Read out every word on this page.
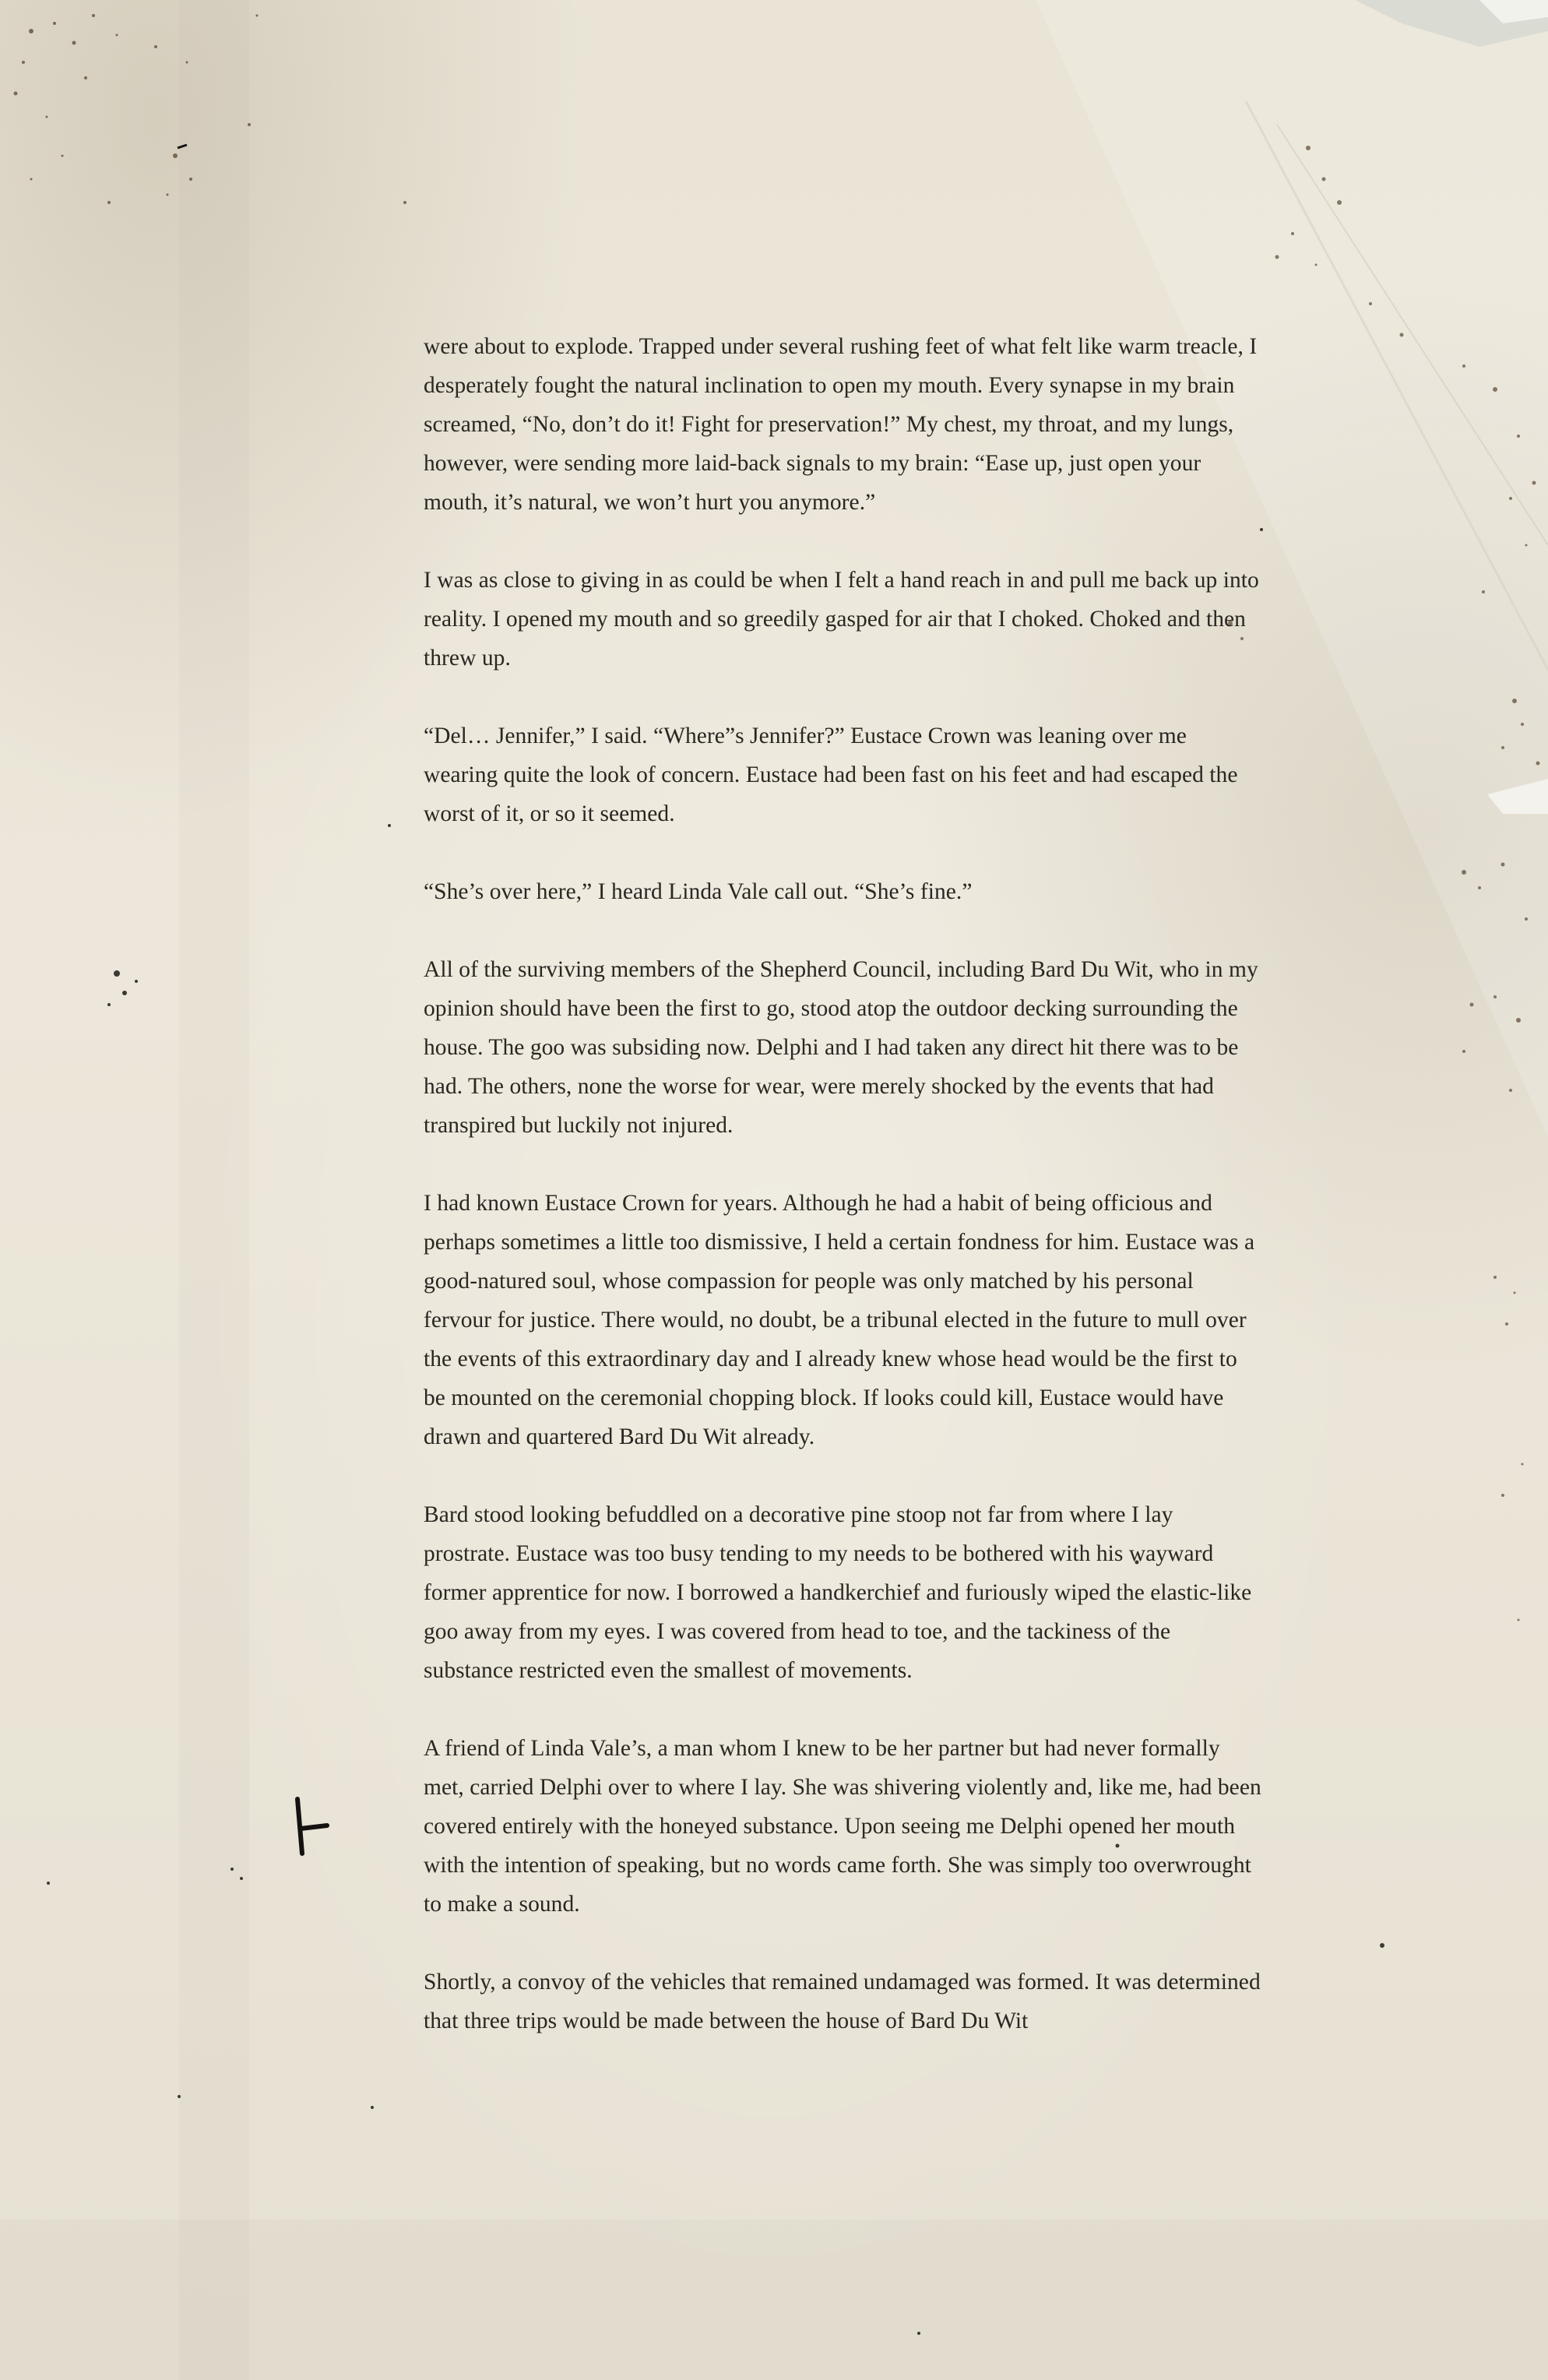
were about to explode. Trapped under several rushing feet of what felt like warm treacle, I desperately fought the natural inclination to open my mouth. Every synapse in my brain screamed, “No, don’t do it! Fight for preservation!” My chest, my throat, and my lungs, however, were sending more laid-back signals to my brain: “Ease up, just open your mouth, it’s natural, we won’t hurt you anymore.”

I was as close to giving in as could be when I felt a hand reach in and pull me back up into reality. I opened my mouth and so greedily gasped for air that I choked. Choked and then threw up.

“Del… Jennifer,” I said. “Where”s Jennifer?” Eustace Crown was leaning over me wearing quite the look of concern. Eustace had been fast on his feet and had escaped the worst of it, or so it seemed.

“She’s over here,” I heard Linda Vale call out. “She’s fine.”

All of the surviving members of the Shepherd Council, including Bard Du Wit, who in my opinion should have been the first to go, stood atop the outdoor decking surrounding the house. The goo was subsiding now. Delphi and I had taken any direct hit there was to be had. The others, none the worse for wear, were merely shocked by the events that had transpired but luckily not injured.

I had known Eustace Crown for years. Although he had a habit of being officious and perhaps sometimes a little too dismissive, I held a certain fondness for him. Eustace was a good-natured soul, whose compassion for people was only matched by his personal fervour for justice. There would, no doubt, be a tribunal elected in the future to mull over the events of this extraordinary day and I already knew whose head would be the first to be mounted on the ceremonial chopping block. If looks could kill, Eustace would have drawn and quartered Bard Du Wit already.

Bard stood looking befuddled on a decorative pine stoop not far from where I lay prostrate. Eustace was too busy tending to my needs to be bothered with his wayward former apprentice for now. I borrowed a handkerchief and furiously wiped the elastic-like goo away from my eyes. I was covered from head to toe, and the tackiness of the substance restricted even the smallest of movements.

A friend of Linda Vale’s, a man whom I knew to be her partner but had never formally met, carried Delphi over to where I lay. She was shivering violently and, like me, had been covered entirely with the honeyed substance. Upon seeing me Delphi opened her mouth with the intention of speaking, but no words came forth. She was simply too overwrought to make a sound.

Shortly, a convoy of the vehicles that remained undamaged was formed. It was determined that three trips would be made between the house of Bard Du Wit
